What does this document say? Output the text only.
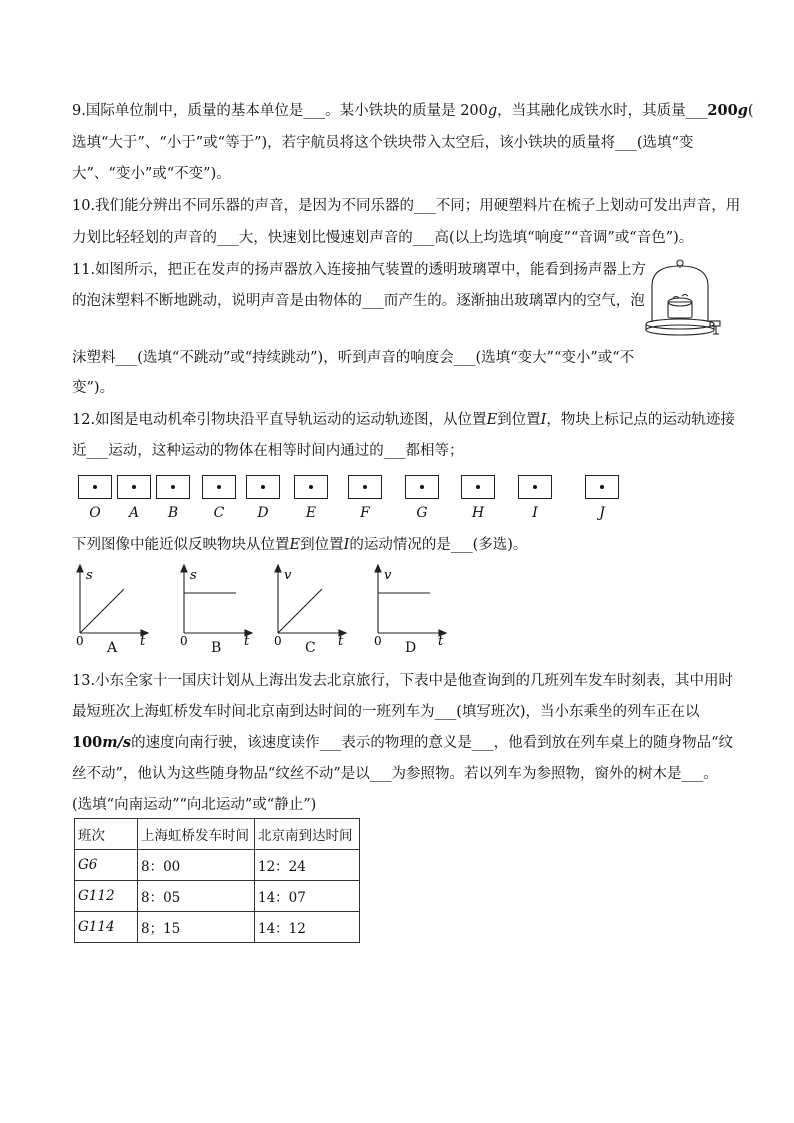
9.国际单位制中，质量的基本单位是___。某小铁块的质量是 200g，当其融化成铁水时，其质量___200g(
选填“大于”、“小于”或“等于”)，若宇航员将这个铁块带入太空后，该小铁块的质量将___(选填“变
大”、“变小”或“不变”)。
10.我们能分辨出不同乐器的声音，是因为不同乐器的___不同；用硬塑料片在梳子上划动可发出声音，用
力划比轻轻划的声音的___大，快速划比慢速划声音的___高(以上均选填“响度”“音调”或“音色”)。
11.如图所示，把正在发声的扬声器放入连接抽气装置的透明玻璃罩中，能看到扬声器上方
的泡沫塑料不断地跳动，说明声音是由物体的___而产生的。逐渐抽出玻璃罩内的空气，泡
沫塑料___(选填“不跳动”或“持续跳动”)，听到声音的响度会___(选填“变大”“变小”或“不
变”)。
12.如图是电动机牵引物块沿平直导轨运动的运动轨迹图，从位置E到位置I，物块上标记点的运动轨迹接
近___运动，这种运动的物体在相等时间内通过的___都相等；
O	A	B	C	D	E	F	G	H	I	J
下列图像中能近似反映物块从位置E到位置I的运动情况的是___(多选)。
s
t
0 A
s
t
0 B
v
t
0 C
v
t
0 D
13.小东全家十一国庆计划从上海出发去北京旅行，下表中是他查询到的几班列车发车时刻表，其中用时
最短班次上海虹桥发车时间北京南到达时间的一班列车为___(填写班次)，当小东乘坐的列车正在以
100m/s的速度向南行驶，该速度读作___表示的物理的意义是___，他看到放在列车桌上的随身物品“纹
丝不动”，他认为这些随身物品“纹丝不动”是以___为参照物。若以列车为参照物，窗外的树木是___。
(选填“向南运动”“向北运动”或“静止”)
班次	上海虹桥发车时间	北京南到达时间
G6	8：00	12：24
G112	8：05	14：07
G114	8；15	14：12
